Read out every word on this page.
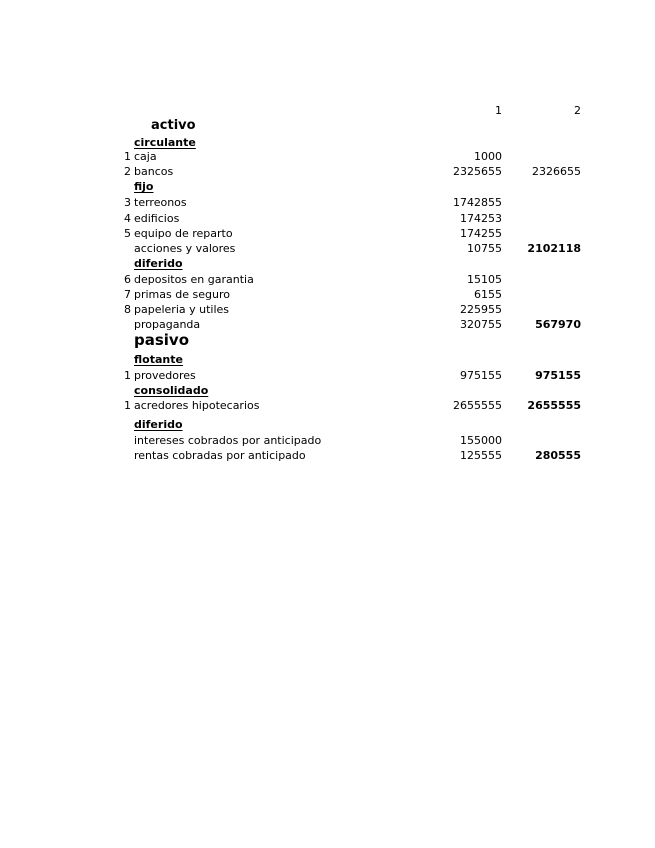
1	2
activo
circulante
1 caja	1000
2 bancos	2325655	2326655
fijo
3 terreonos	1742855
4 edificios	174253
5 equipo de reparto	174255
acciones y valores	10755 2102118
diferido
6 depositos en garantia	15105
7 primas de seguro	6155
8 papeleria y utiles	225955
propaganda	320755	567970
pasivo
flotante
1 provedores	975155	975155
consolidado
1 acredores hipotecarios	2655555 2655555
diferido
intereses cobrados por anticipado	155000
rentas cobradas por anticipado	125555	280555
